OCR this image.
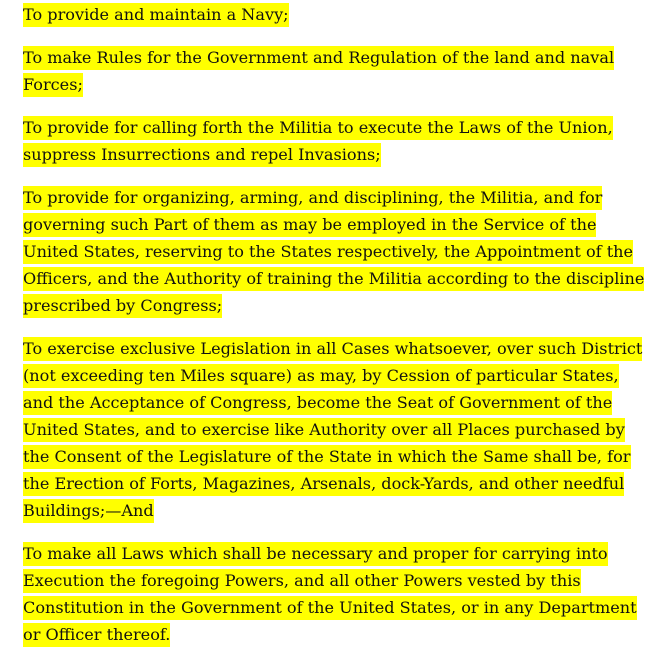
To provide and maintain a Navy;

To make Rules for the Government and Regulation of the land and naval Forces;

To provide for calling forth the Militia to execute the Laws of the Union, suppress Insurrections and repel Invasions;

To provide for organizing, arming, and disciplining, the Militia, and for governing such Part of them as may be employed in the Service of the United States, reserving to the States respectively, the Appointment of the Officers, and the Authority of training the Militia according to the discipline prescribed by Congress;

To exercise exclusive Legislation in all Cases whatsoever, over such District (not exceeding ten Miles square) as may, by Cession of particular States, and the Acceptance of Congress, become the Seat of Government of the United States, and to exercise like Authority over all Places purchased by the Consent of the Legislature of the State in which the Same shall be, for the Erection of Forts, Magazines, Arsenals, dock-Yards, and other needful Buildings;—And

To make all Laws which shall be necessary and proper for carrying into Execution the foregoing Powers, and all other Powers vested by this Constitution in the Government of the United States, or in any Department or Officer thereof.
